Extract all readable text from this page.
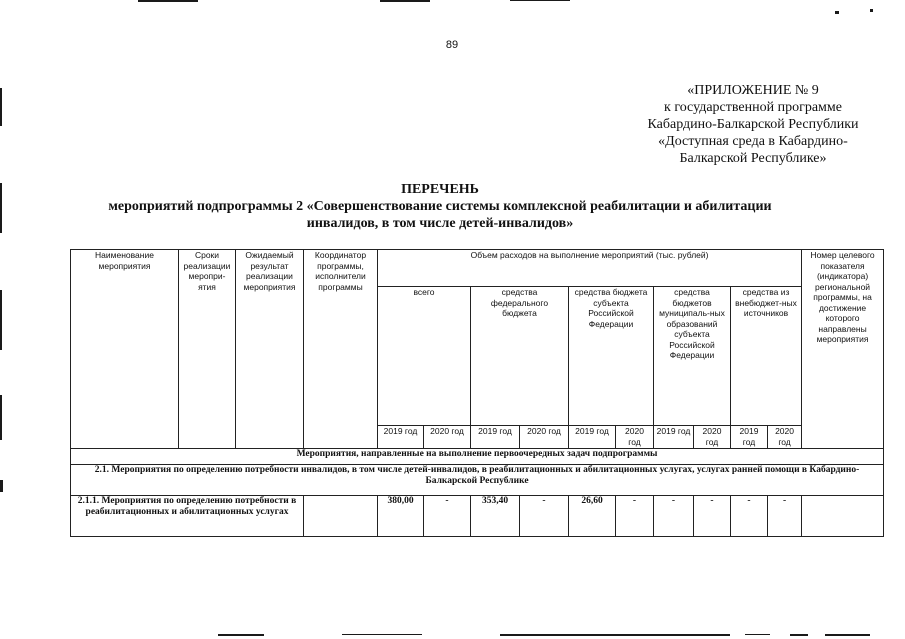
89
«ПРИЛОЖЕНИЕ № 9
к государственной программе
Кабардино-Балкарской Республики
«Доступная среда в Кабардино-
Балкарской Республике»
ПЕРЕЧЕНЬ
мероприятий подпрограммы 2 «Совершенствование системы комплексной реабилитации и абилитации
инвалидов, в том числе детей-инвалидов»
Наименование мероприятия	Сроки реализации меропри-ятия	Ожидаемый результат реализации мероприятия	Координатор программы, исполнители программы	Объем расходов на выполнение мероприятий (тыс. рублей)										Номер целевого показателя (индикатора) региональной программы, на достижение которого направлены мероприятия
				всего		средства федерального бюджета		средства бюджета субъекта Российской Федерации		средства бюджетов муниципаль-ных образований субъекта Российской Федерации		средства из внебюджет-ных источников		
				2019 год	2020 год	2019 год	2020 год	2019 год	2020 год	2019 год	2020 год	2019 год	2020 год	
Мероприятия, направленные на выполнение первоочередных задач подпрограммы														
2.1. Мероприятия по определению потребности инвалидов, в том числе детей-инвалидов, в реабилитационных и абилитационных услугах, услугах ранней помощи в Кабардино-Балкарской Республике														
2.1.1. Мероприятия по определению потребности в реабилитационных и абилитационных услугах				380,00	-	353,40	-	26,60	-	-	-	-	-	
